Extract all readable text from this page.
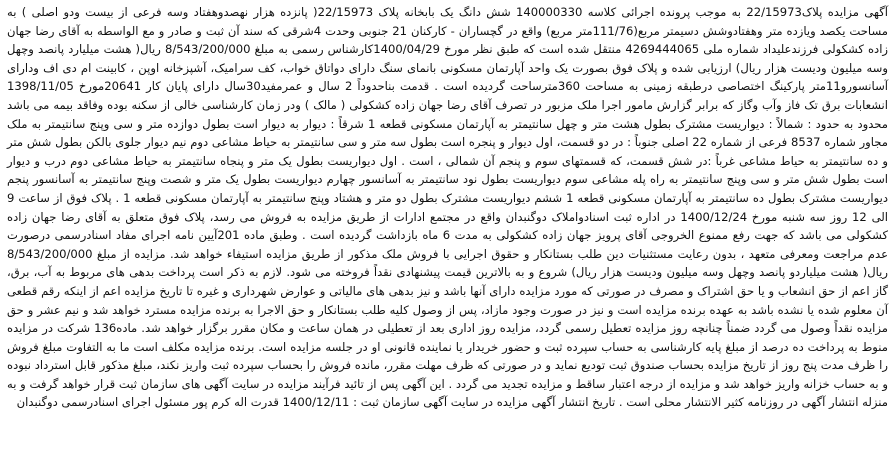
آگهی مزایده پلاک22/15973 به موجب پرونده اجرائی کلاسه 140000330 شش دانگ یک بابخانه پلاک 22/15973( پانزده هزار نهصدوهفتاد وسه فرعی از بیست ودو اصلی ) به مساحت یکصد ویازده متر وهفتادوشش دسیمتر مربع(111/76متر مربع) واقع در گچساران - کارکنان 21 جنوبی وحدت 4شرقی که سند آن ثبت و صادر و مع الواسطه به آقای رضا جهان زاده کشکولی فرزندعلیداد شماره ملی 4269444065 منتقل شده است که طبق نظر مورخ 1400/04/29کارشناس رسمی به مبلغ 8/543/200/000 ریال( هشت میلیارد پانصد وچهل وسه میلیون ودیست هزار ریال) ارزیابی شده و پلاک فوق بصورت یک واحد آپارتمان مسکونی بانمای سنگ دارای دواتاق خواب، کف سرامیک، آشپزخانه اوپن ، کابینت ام دی اف ودارای آسانسورو11متر پارکینگ اختصاصی درطبقه زمینی به مساحت 360مترساحت گردیده است . قدمت بناحدوداً 2 سال و عمرمفید30سال دارای پایان کار 20641مورخ 1398/11/05 انشعابات برق تک فاز وآب وگاز که برابر گزارش مامور اجرا ملک مزبور در تصرف آقای رضا جهان زاده کشکولی ( مالک ) ودر زمان کارشناسی خالی از سکنه بوده وفاقد بیمه می باشد محدود به حدود : شمالاً : دیواریست مشترک بطول هشت متر و چهل سانتیمتر به آپارتمان مسکونی قطعه 1 شرقاً : دیوار به دیوار است بطول دوازده متر و سی وپنج سانتیمتر به ملک مجاور شماره 8537 فرعی از شماره 22 اصلی جنوباً : در دو قسمت، اول دیوار و پنجره است بطول سه متر و سی سانتیمتر به حیاط مشاعی دوم نیم دیوار جلوی بالکن بطول شش متر و ده سانتیمتر به حیاط مشاعی غرباً :در شش قسمت، که قسمتهای سوم و پنجم آن شمالی ، است . اول دیواریست بطول یک متر و پنجاه سانتیمتر به حیاط مشاعی دوم درب و دیوار است بطول شش متر و سی وپنج سانتیمتر به راه پله مشاعی سوم دیواریست بطول نود سانتیمتر به آسانسور چهارم دیواریست بطول یک متر و شصت وپنج سانتیمتر به آسانسور پنجم دیواریست مشترک بطول ده سانتیمتر به آپارتمان مسکونی قطعه 1 ششم دیواریست مشترک بطول دو متر و هشتاد وپنج سانتیمتر به آپارتمان مسکونی قطعه 1 . پلاک فوق از ساعت 9 الی 12 روز سه شنبه مورخ 1400/12/24 در اداره ثبت اسنادواملاک دوگنبدان واقع در مجتمع ادارات از طریق مزایده به فروش می رسد، پلاک فوق متعلق به آقای رضا جهان زاده کشکولی می باشد که جهت رفع ممنوع الخروجی آقای پرویز جهان زاده کشکولی به مدت 6 ماه بازداشت گردیده است . وطبق ماده 201آیین نامه اجرای مفاد اسنادرسمی درصورت عدم مراجعت ومعرفی متعهد ، بدون رعایت مستثنیات دین طلب بستانکار و حقوق اجرایی با فروش ملک مذکور از طریق مزایده استیفاء خواهد شد. مزایده از مبلغ 8/543/200/000 ریال( هشت میلیاردو پانصد وچهل وسه میلیون ودیست هزار ریال) شروع و به بالاترین قیمت پیشنهادی نقداً فروخته می شود. لازم به ذکر است پرداخت بدهی های مربوط به آب، برق، گاز اعم از حق انشعاب و یا حق اشتراک و مصرف در صورتی که مورد مزایده دارای آنها باشد و نیز بدهی های مالیاتی و عوارض شهرداری و غیره تا تاریخ مزایده اعم از اینکه رقم قطعی آن معلوم شده یا نشده باشد به عهده برنده مزایده است و نیز در صورت وجود مازاد، پس از وصول کلیه طلب بستانکار و حق الاجرا به برنده مزایده مسترد خواهد شد و نیم عشر و حق مزایده نقداً وصول می گردد ضمناً چنانچه روز مزایده تعطیل رسمی گردد، مزایده روز اداری بعد از تعطیلی در همان ساعت و مکان مقرر برگزار خواهد شد. ماده136 شرکت در مزایده منوط به پرداخت ده درصد از مبلغ پایه کارشناسی به حساب سپرده ثبت و حضور خریدار یا نماینده قانونی او در جلسه مزایده است. برنده مزایده مکلف است ما به التفاوت مبلغ فروش را ظرف مدت پنج روز از تاریخ مزایده بحساب صندوق ثبت تودیع نماید و در صورتی که ظرف مهلت مقرر، مانده فروش را بحساب سپرده ثبت واریز نکند، مبلغ مذکور قابل استرداد نبوده و به حساب خزانه واریز خواهد شد و مزایده از درجه اعتبار ساقط و مزایده تجدید می گردد . این آگهی پس از تائید فرآیند مزایده در سایت آگهی های سازمان ثبت قرار خواهد گرفت و به منزله انتشار آگهی در روزنامه کثیر الانتشار محلی است . تاریخ انتشار آگهی مزایده در سایت آگهی سازمان ثبت : 1400/12/11 قدرت اله کرم پور مسئول اجرای اسنادرسمی دوگنبدان
